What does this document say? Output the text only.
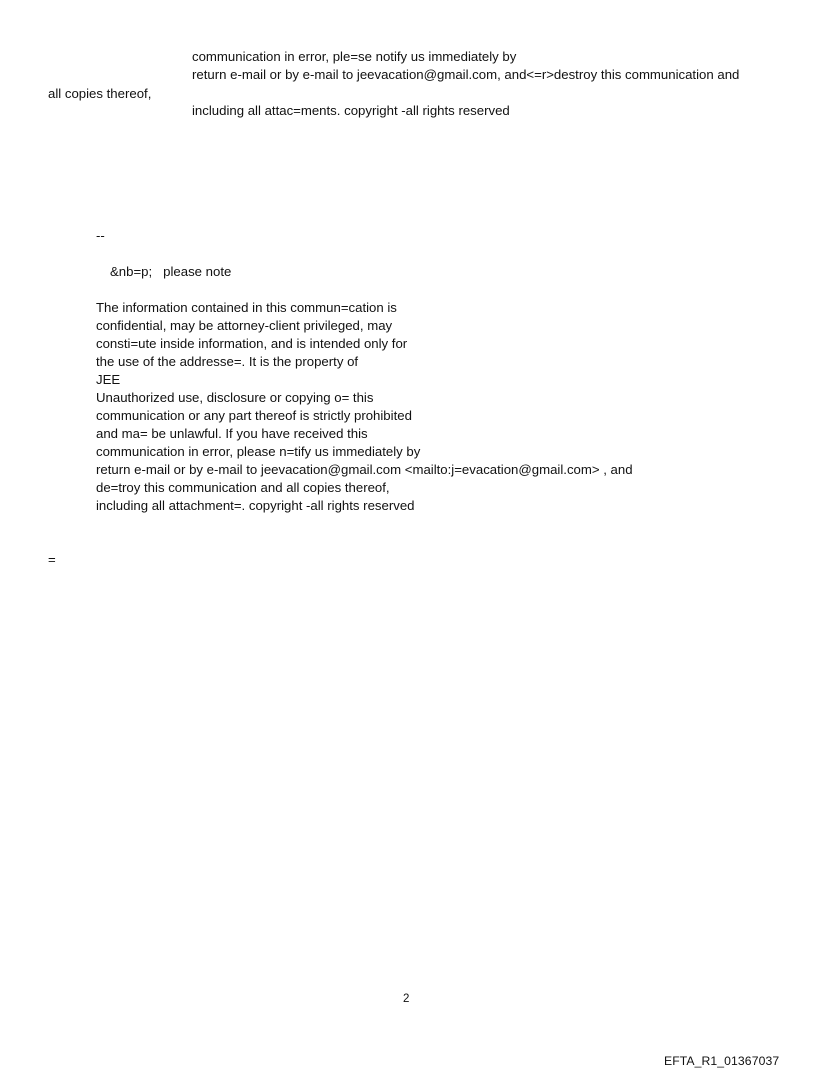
communication in error, ple=se notify us immediately by
return e-mail or by e-mail to jeevacation@gmail.com, and<=r>destroy this communication and
all copies thereof,
including all attac=ments. copyright -all rights reserved
--
&nb=p;   please note
The information contained in this commun=cation is
confidential, may be attorney-client privileged, may
consti=ute inside information, and is intended only for
the use of the addresse=. It is the property of
JEE
Unauthorized use, disclosure or copying o= this
communication or any part thereof is strictly prohibited
and ma= be unlawful. If you have received this
communication in error, please n=tify us immediately by
return e-mail or by e-mail to jeevacation@gmail.com <mailto:j=evacation@gmail.com> , and
de=troy this communication and all copies thereof,
including all attachment=. copyright -all rights reserved
=
2
EFTA_R1_01367037
